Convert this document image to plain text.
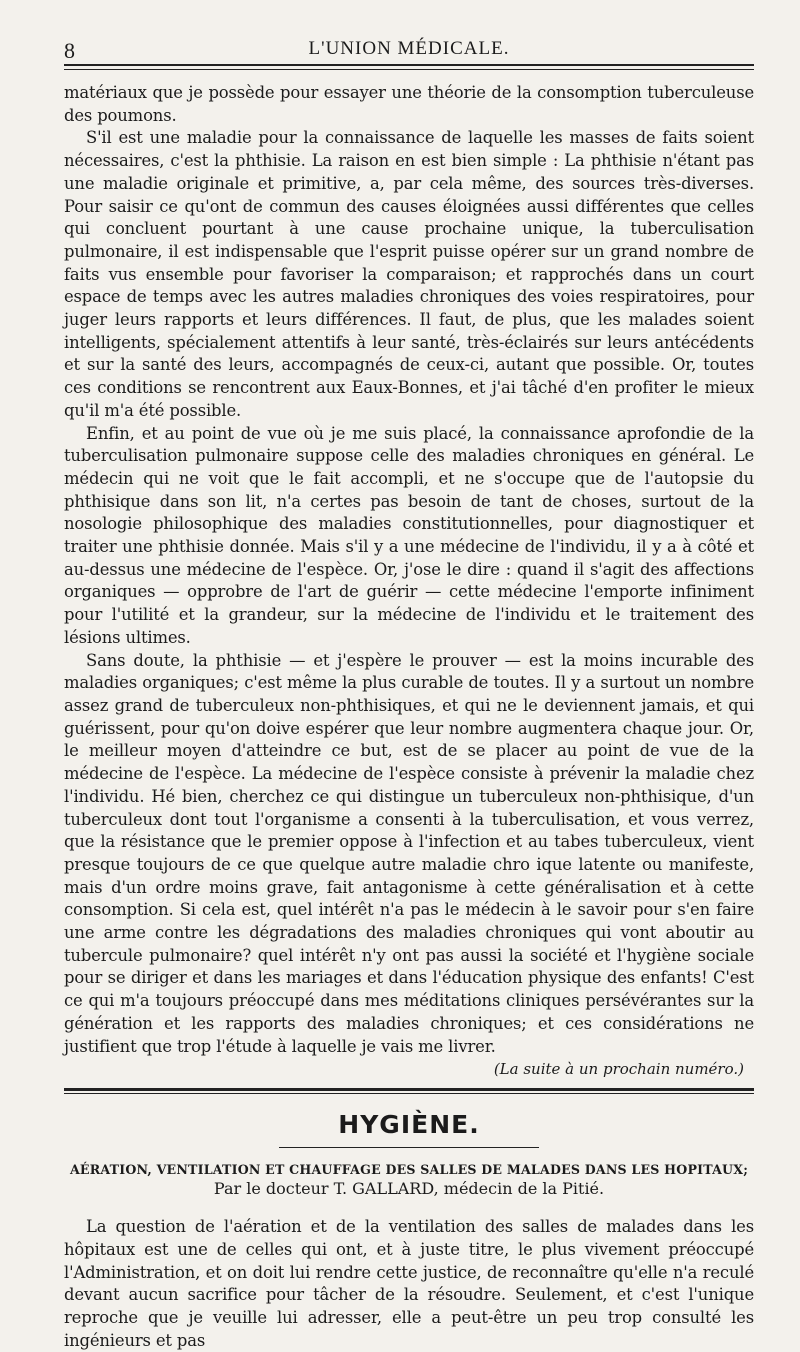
8	L'UNION MÉDICALE.

matériaux que je possède pour essayer une théorie de la consomption tuberculeuse des poumons.

S'il est une maladie pour la connaissance de laquelle les masses de faits soient nécessaires, c'est la phthisie. La raison en est bien simple : La phthisie n'étant pas une maladie originale et primitive, a, par cela même, des sources très-diverses. Pour saisir ce qu'ont de commun des causes éloignées aussi différentes que celles qui concluent pourtant à une cause prochaine unique, la tuberculisation pulmonaire, il est indispensable que l'esprit puisse opérer sur un grand nombre de faits vus ensemble pour favoriser la comparaison; et rapprochés dans un court espace de temps avec les autres maladies chroniques des voies respiratoires, pour juger leurs rapports et leurs différences. Il faut, de plus, que les malades soient intelligents, spécialement attentifs à leur santé, très-éclairés sur leurs antécédents et sur la santé des leurs, accompagnés de ceux-ci, autant que possible. Or, toutes ces conditions se rencontrent aux Eaux-Bonnes, et j'ai tâché d'en profiter le mieux qu'il m'a été possible.

Enfin, et au point de vue où je me suis placé, la connaissance aprofondie de la tuberculisation pulmonaire suppose celle des maladies chroniques en général. Le médecin qui ne voit que le fait accompli, et ne s'occupe que de l'autopsie du phthisique dans son lit, n'a certes pas besoin de tant de choses, surtout de la nosologie philosophique des maladies constitutionnelles, pour diagnostiquer et traiter une phthisie donnée. Mais s'il y a une médecine de l'individu, il y a à côté et au-dessus une médecine de l'espèce. Or, j'ose le dire : quand il s'agit des affections organiques — opprobre de l'art de guérir — cette médecine l'emporte infiniment pour l'utilité et la grandeur, sur la médecine de l'individu et le traitement des lésions ultimes.

Sans doute, la phthisie — et j'espère le prouver — est la moins incurable des maladies organiques; c'est même la plus curable de toutes. Il y a surtout un nombre assez grand de tuberculeux non-phthisiques, et qui ne le deviennent jamais, et qui guérissent, pour qu'on doive espérer que leur nombre augmentera chaque jour. Or, le meilleur moyen d'atteindre ce but, est de se placer au point de vue de la médecine de l'espèce. La médecine de l'espèce consiste à prévenir la maladie chez l'individu. Hé bien, cherchez ce qui distingue un tuberculeux non-phthisique, d'un tuberculeux dont tout l'organisme a consenti à la tuberculisation, et vous verrez, que la résistance que le premier oppose à l'infection et au tabes tuberculeux, vient presque toujours de ce que quelque autre maladie chro ique latente ou manifeste, mais d'un ordre moins grave, fait antagonisme à cette généralisation et à cette consomption. Si cela est, quel intérêt n'a pas le médecin à le savoir pour s'en faire une arme contre les dégradations des maladies chroniques qui vont aboutir au tubercule pulmonaire? quel intérêt n'y ont pas aussi la société et l'hygiène sociale pour se diriger et dans les mariages et dans l'éducation physique des enfants! C'est ce qui m'a toujours préoccupé dans mes méditations cliniques persévérantes sur la génération et les rapports des maladies chroniques; et ces considérations ne justifient que trop l'étude à laquelle je vais me livrer.

(La suite à un prochain numéro.)
HYGIÈNE.
AÉRATION, VENTILATION ET CHAUFFAGE DES SALLES DE MALADES DANS LES HOPITAUX;
Par le docteur T. GALLARD, médecin de la Pitié.

La question de l'aération et de la ventilation des salles de malades dans les hôpitaux est une de celles qui ont, et à juste titre, le plus vivement préoccupé l'Administration, et on doit lui rendre cette justice, de reconnaître qu'elle n'a reculé devant aucun sacrifice pour tâcher de la résoudre. Seulement, et c'est l'unique reproche que je veuille lui adresser, elle a peut-être un peu trop consulté les ingénieurs et pas
